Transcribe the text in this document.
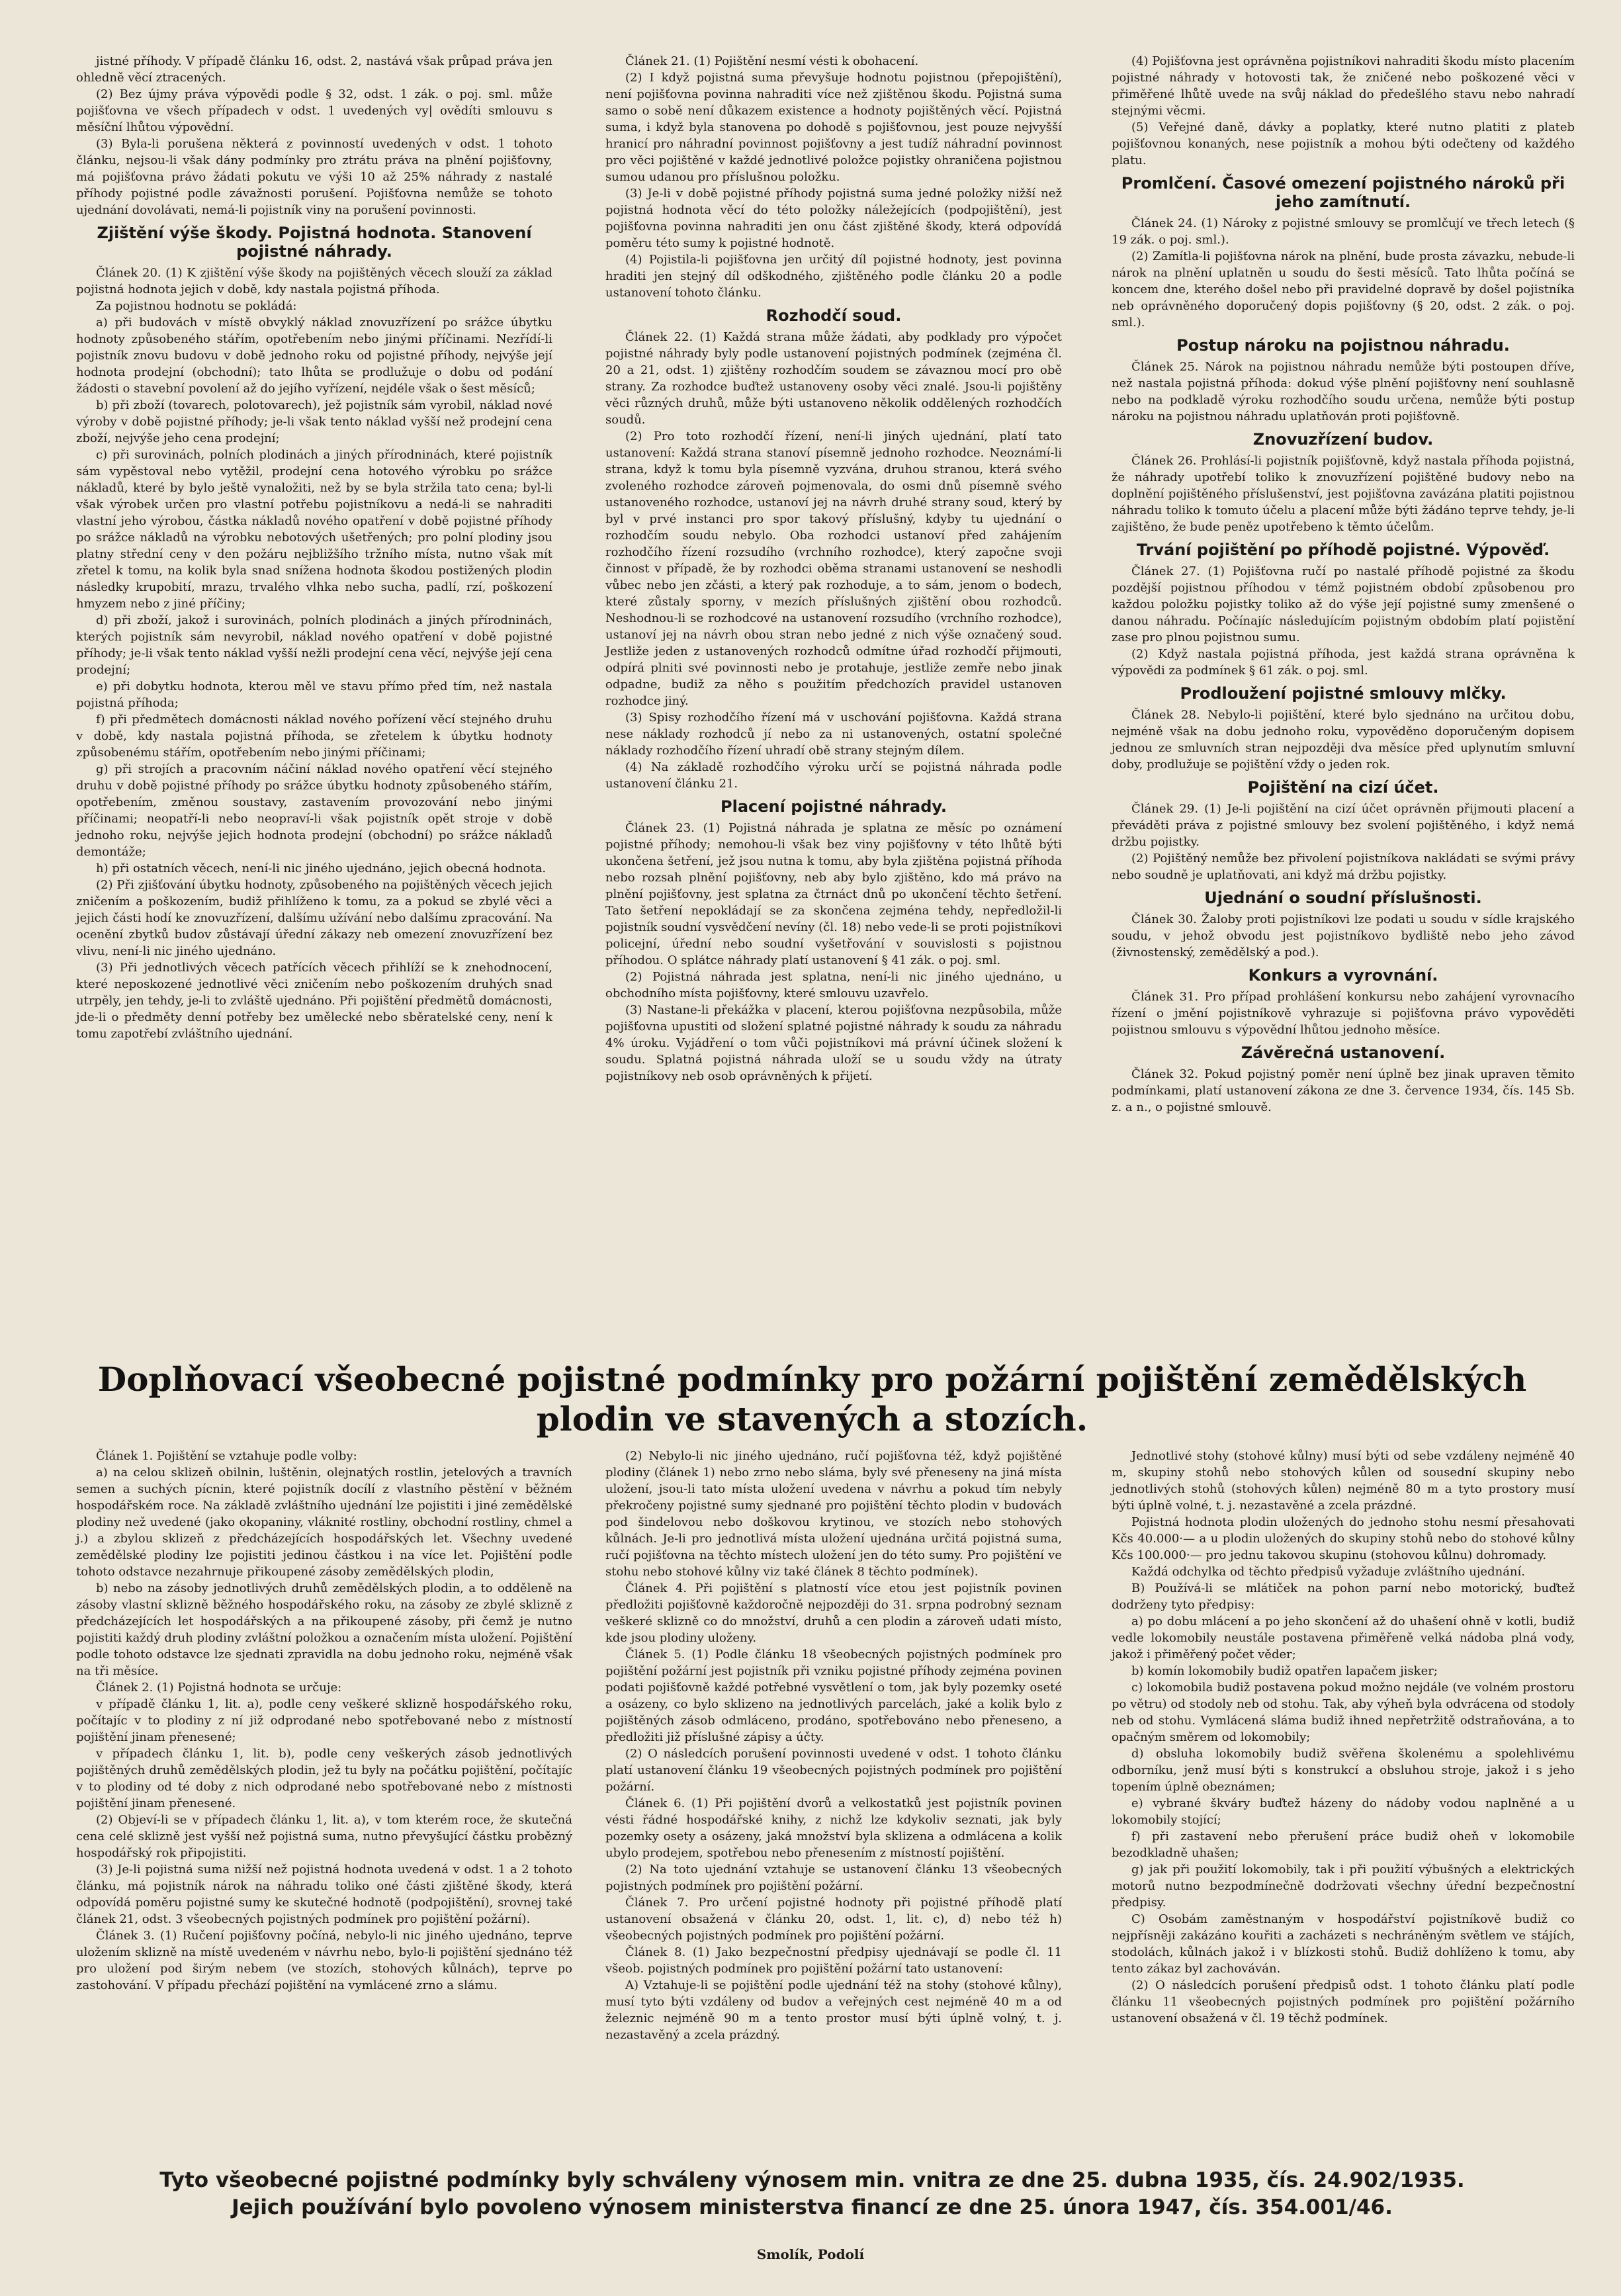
jistné příhody. V případě článku 16, odst. 2, nastává však průpad práva jen ohledně věcí ztracených.

(2) Bez újmy práva výpovědi podle § 32, odst. 1 zák. o poj. sml. může pojišťovna ve všech případech v odst. 1 uvedených vy| ovědíti smlouvu s měsíční lhůtou výpovědní.

(3) Byla-li porušena některá z povinností uvedených v odst. 1 tohoto článku, nejsou-li však dány podmínky pro ztrátu práva na plnění pojišťovny, má pojišťovna právo žádati pokutu ve výši 10 až 25% náhrady z nastalé příhody pojistné podle závažnosti porušení. Pojišťovna nemůže se tohoto ujednání dovolávati, nemá-li pojistník viny na porušení povinnosti.

Zjištění výše škody. Pojistná hodnota. Stanovení pojistné náhrady.

Článek 20. (1) K zjištění výše škody na pojištěných věcech slouží za základ pojistná hodnota jejich v době, kdy nastala pojistná příhoda.

Za pojistnou hodnotu se pokládá:

a) při budovách v místě obvyklý náklad znovuzřízení po srážce úbytku hodnoty způsobeného stářím, opotřebením nebo jinými příčinami. Nezřídí-li pojistník znovu budovu v době jednoho roku od pojistné příhody, nejvýše její hodnota prodejní (obchodní); tato lhůta se prodlužuje o dobu od podání žádosti o stavební povolení až do jejího vyřízení, nejdéle však o šest měsíců;

b) při zboží (tovarech, polotovarech), jež pojistník sám vyrobil, náklad nové výroby v době pojistné příhody; je-li však tento náklad vyšší než prodejní cena zboží, nejvýše jeho cena prodejní;

c) při surovinách, polních plodinách a jiných přírodninách, které pojistník sám vypěstoval nebo vytěžil, prodejní cena hotového výrobku po srážce nákladů, které by bylo ještě vynaložiti, než by se byla stržila tato cena; byl-li však výrobek určen pro vlastní potřebu pojistníkovu a nedá-li se nahraditi vlastní jeho výrobou, částka nákladů nového opatření v době pojistné příhody po srážce nákladů na výrobku nebotových ušetřených; pro polní plodiny jsou platny střední ceny v den požáru nejbližšího tržního místa, nutno však mít zřetel k tomu, na kolik byla snad snížena hodnota škodou postižených plodin následky krupobití, mrazu, trvalého vlhka nebo sucha, padlí, rzí, poškození hmyzem nebo z jiné příčiny;

d) při zboží, jakož i surovinách, polních plodinách a jiných přírodninách, kterých pojistník sám nevyrobil, náklad nového opatření v době pojistné příhody; je-li však tento náklad vyšší nežli prodejní cena věcí, nejvýše její cena prodejní;

e) při dobytku hodnota, kterou měl ve stavu přímo před tím, než nastala pojistná příhoda;

f) při předmětech domácnosti náklad nového pořízení věcí stejného druhu v době, kdy nastala pojistná příhoda, se zřetelem k úbytku hodnoty způsobenému stářím, opotřebením nebo jinými příčinami;

g) při strojích a pracovním náčiní náklad nového opatření věcí stejného druhu v době pojistné příhody po srážce úbytku hodnoty způsobeného stářím, opotřebením, změnou soustavy, zastavením provozování nebo jinými příčinami; neopatří-li nebo neopraví-li však pojistník opět stroje v době jednoho roku, nejvýše jejich hodnota prodejní (obchodní) po srážce nákladů demontáže;

h) při ostatních věcech, není-li nic jiného ujednáno, jejich obecná hodnota.

(2) Při zjišťování úbytku hodnoty, způsobeného na pojištěných věcech jejich zničením a poškozením, budiž přihlíženo k tomu, za a pokud se zbylé věci a jejich části hodí ke znovuzřízení, dalšímu užívání nebo dalšímu zpracování. Na ocenění zbytků budov zůstávají úřední zákazy neb omezení znovuzřízení bez vlivu, není-li nic jiného ujednáno.

(3) Při jednotlivých věcech patřících věcech přihlíží se k znehodnocení, které neposkozené jednotlivé věci zničením nebo poškozením druhých snad utrpěly, jen tehdy, je-li to zvláště ujednáno. Při pojištění předmětů domácnosti, jde-li o předměty denní potřeby bez umělecké nebo sběratelské ceny, není k tomu zapotřebí zvláštního ujednání.

Článek 21. (1) Pojištění nesmí vésti k obohacení.

(2) I když pojistná suma převyšuje hodnotu pojistnou (přepojištění), není pojišťovna povinna nahraditi více než zjištěnou škodu. Pojistná suma samo o sobě není důkazem existence a hodnoty pojištěných věcí. Pojistná suma, i když byla stanovena po dohodě s pojišťovnou, jest pouze nejvyšší hranicí pro náhradní povinnost pojišťovny a jest tudíž náhradní povinnost pro věci pojištěné v každé jednotlivé položce pojistky ohraničena pojistnou sumou udanou pro příslušnou položku.

(3) Je-li v době pojistné příhody pojistná suma jedné položky nižší než pojistná hodnota věcí do této položky náležejících (podpojištění), jest pojišťovna povinna nahraditi jen onu část zjištěné škody, která odpovídá poměru této sumy k pojistné hodnotě.

(4) Pojistila-li pojišťovna jen určitý díl pojistné hodnoty, jest povinna hraditi jen stejný díl odškodného, zjištěného podle článku 20 a podle ustanovení tohoto článku.

Rozhodčí soud.

Článek 22. (1) Každá strana může žádati, aby podklady pro výpočet pojistné náhrady byly podle ustanovení pojistných podmínek (zejména čl. 20 a 21, odst. 1) zjištěny rozhodčím soudem se závaznou mocí pro obě strany. Za rozhodce buďtež ustanoveny osoby věci znalé. Jsou-li pojištěny věci různých druhů, může býti ustanoveno několik oddělených rozhodčích soudů.

(2) Pro toto rozhodčí řízení, není-li jiných ujednání, platí tato ustanovení: Každá strana stanoví písemně jednoho rozhodce. Neoznámí-li strana, když k tomu byla písemně vyzvána, druhou stranou, která svého zvoleného rozhodce zároveň pojmenovala, do osmi dnů písemně svého ustanoveného rozhodce, ustanoví jej na návrh druhé strany soud, který by byl v prvé instanci pro spor takový příslušný, kdyby tu ujednání o rozhodčím soudu nebylo. Oba rozhodci ustanoví před zahájením rozhodčího řízení rozsudího (vrchního rozhodce), který započne svoji činnost v případě, že by rozhodci oběma stranami ustanovení se neshodli vůbec nebo jen zčásti, a který pak rozhoduje, a to sám, jenom o bodech, které zůstaly sporny, v mezích příslušných zjištění obou rozhodců. Neshodnou-li se rozhodcové na ustanovení rozsudího (vrchního rozhodce), ustanoví jej na návrh obou stran nebo jedné z nich výše označený soud. Jestliže jeden z ustanovených rozhodců odmítne úřad rozhodčí přijmouti, odpírá plniti své povinnosti nebo je protahuje, jestliže zemře nebo jinak odpadne, budiž za něho s použitím předchozích pravidel ustanoven rozhodce jiný.

(3) Spisy rozhodčího řízení má v uschování pojišťovna. Každá strana nese náklady rozhodců jí nebo za ni ustanovených, ostatní společné náklady rozhodčího řízení uhradí obě strany stejným dílem.

(4) Na základě rozhodčího výroku určí se pojistná náhrada podle ustanovení článku 21.

Placení pojistné náhrady.

Článek 23. (1) Pojistná náhrada je splatna ze měsíc po oznámení pojistné příhody; nemohou-li však bez viny pojišťovny v této lhůtě býti ukončena šetření, jež jsou nutna k tomu, aby byla zjištěna pojistná příhoda nebo rozsah plnění pojišťovny, neb aby bylo zjištěno, kdo má právo na plnění pojišťovny, jest splatna za čtrnáct dnů po ukončení těchto šetření. Tato šetření nepokládají se za skončena zejména tehdy, nepředložil-li pojistník soudní vysvědčení nevíny (čl. 18) nebo vede-li se proti pojistníkovi policejní, úřední nebo soudní vyšetřování v souvislosti s pojistnou příhodou. O splátce náhrady platí ustanovení § 41 zák. o poj. sml.

(2) Pojistná náhrada jest splatna, není-li nic jiného ujednáno, u obchodního místa pojišťovny, které smlouvu uzavřelo.

(3) Nastane-li překážka v placení, kterou pojišťovna nezpůsobila, může pojišťovna upustiti od složení splatné pojistné náhrady k soudu za náhradu 4% úroku. Vyjádření o tom vůči pojistníkovi má právní účinek složení k soudu. Splatná pojistná náhrada uloží se u soudu vždy na útraty pojistníkovy neb osob oprávněných k přijetí.

(4) Pojišťovna jest oprávněna pojistníkovi nahraditi škodu místo placením pojistné náhrady v hotovosti tak, že zničené nebo poškozené věci v přiměřené lhůtě uvede na svůj náklad do předešlého stavu nebo nahradí stejnými věcmi.

(5) Veřejné daně, dávky a poplatky, které nutno platiti z plateb pojišťovnou konaných, nese pojistník a mohou býti odečteny od každého platu.

Promlčení. Časové omezení pojistného nároků při jeho zamítnutí.

Článek 24. (1) Nároky z pojistné smlouvy se promlčují ve třech letech (§ 19 zák. o poj. sml.).

(2) Zamítla-li pojišťovna nárok na plnění, bude prosta závazku, nebude-li nárok na plnění uplatněn u soudu do šesti měsíců. Tato lhůta počíná se koncem dne, kterého došel nebo při pravidelné dopravě by došel pojistníka neb oprávněného doporučený dopis pojišťovny (§ 20, odst. 2 zák. o poj. sml.).

Postup nároku na pojistnou náhradu.

Článek 25. Nárok na pojistnou náhradu nemůže býti postoupen dříve, než nastala pojistná příhoda: dokud výše plnění pojišťovny není souhlasně nebo na podkladě výroku rozhodčího soudu určena, nemůže býti postup nároku na pojistnou náhradu uplatňován proti pojišťovně.

Znovuzřízení budov.

Článek 26. Prohlásí-li pojistník pojišťovně, když nastala příhoda pojistná, že náhrady upotřebí toliko k znovuzřízení pojištěné budovy nebo na doplnění pojištěného příslušenství, jest pojišťovna zavázána platiti pojistnou náhradu toliko k tomuto účelu a placení může býti žádáno teprve tehdy, je-li zajištěno, že bude peněz upotřebeno k těmto účelům.

Trvání pojištění po příhodě pojistné. Výpověď.

Článek 27. (1) Pojišťovna ručí po nastalé příhodě pojistné za škodu pozdější pojistnou příhodou v témž pojistném období způsobenou pro každou položku pojistky toliko až do výše její pojistné sumy zmenšené o danou náhradu. Počínajíc následujícím pojistným obdobím platí pojistění zase pro plnou pojistnou sumu.

(2) Když nastala pojistná příhoda, jest každá strana oprávněna k výpovědi za podmínek § 61 zák. o poj. sml.

Prodloužení pojistné smlouvy mlčky.

Článek 28. Nebylo-li pojištění, které bylo sjednáno na určitou dobu, nejméně však na dobu jednoho roku, vypověděno doporučeným dopisem jednou ze smluvních stran nejpozději dva měsíce před uplynutím smluvní doby, prodlužuje se pojištění vždy o jeden rok.

Pojištění na cizí účet.

Článek 29. (1) Je-li pojištění na cizí účet oprávněn přijmouti placení a převáděti práva z pojistné smlouvy bez svolení pojištěného, i když nemá držbu pojistky.

(2) Pojištěný nemůže bez přivolení pojistníkova nakládati se svými právy nebo soudně je uplatňovati, ani když má držbu pojistky.

Ujednání o soudní příslušnosti.

Článek 30. Žaloby proti pojistníkovi lze podati u soudu v sídle krajského soudu, v jehož obvodu jest pojistníkovo bydliště nebo jeho závod (živnostenský, zemědělský a pod.).

Konkurs a vyrovnání.

Článek 31. Pro případ prohlášení konkursu nebo zahájení vyrovnacího řízení o jmění pojistníkově vyhrazuje si pojišťovna právo vypověděti pojistnou smlouvu s výpovědní lhůtou jednoho měsíce.

Závěrečná ustanovení.

Článek 32. Pokud pojistný poměr není úplně bez jinak upraven těmito podmínkami, platí ustanovení zákona ze dne 3. července 1934, čís. 145 Sb. z. a n., o pojistné smlouvě.

Doplňovací všeobecné pojistné podmínky pro požární pojištění zemědělských plodin ve stavených a stozích.

Článek 1. Pojištění se vztahuje podle volby:

a) na celou sklizeň obilnin, luštěnin, olejnatých rostlin, jetelových a travních semen a suchých pícnin, které pojistník docílí z vlastního pěstění v běžném hospodářském roce. Na základě zvláštního ujednání lze pojistiti i jiné zemědělské plodiny než uvedené (jako okopaniny, vláknité rostliny, obchodní rostliny, chmel a j.) a zbylou sklizeň z předcházejících hospodářských let. Všechny uvedené zemědělské plodiny lze pojistiti jedinou částkou i na více let. Pojištění podle tohoto odstavce nezahrnuje přikoupené zásoby zemědělských plodin,

b) nebo na zásoby jednotlivých druhů zemědělských plodin, a to odděleně na zásoby vlastní sklizně běžného hospodářského roku, na zásoby ze zbylé sklizně z předcházejících let hospodářských a na přikoupené zásoby, při čemž je nutno pojistiti každý druh plodiny zvláštní položkou a označením místa uložení. Pojištění podle tohoto odstavce lze sjednati zpravidla na dobu jednoho roku, nejméně však na tři měsíce.

Článek 2. (1) Pojistná hodnota se určuje:

v případě článku 1, lit. a), podle ceny veškeré sklizně hospodářského roku, počítajíc v to plodiny z ní již odprodané nebo spotřebované nebo z místností pojištění jinam přenesené;

v případech článku 1, lit. b), podle ceny veškerých zásob jednotlivých pojištěných druhů zemědělských plodin, jež tu byly na počátku pojištění, počítajíc v to plodiny od té doby z nich odprodané nebo spotřebované nebo z místnosti pojištění jinam přenesené.

(2) Objeví-li se v případech článku 1, lit. a), v tom kterém roce, že skutečná cena celé sklizně jest vyšší než pojistná suma, nutno převyšující částku probězný hospodářský rok připojistiti.

(3) Je-li pojistná suma nižší než pojistná hodnota uvedená v odst. 1 a 2 tohoto článku, má pojistník nárok na náhradu toliko oné části zjištěné škody, která odpovídá poměru pojistné sumy ke skutečné hodnotě (podpojištění), srovnej také článek 21, odst. 3 všeobecných pojistných podmínek pro pojištění požární).

Článek 3. (1) Ručení pojišťovny počíná, nebylo-li nic jiného ujednáno, teprve uložením sklizně na místě uvedeném v návrhu nebo, bylo-li pojištění sjednáno též pro uložení pod širým nebem (ve stozích, stohových kůlnách), teprve po zastohování. V případu přechází pojištění na vymlácené zrno a slámu.

(2) Nebylo-li nic jiného ujednáno, ručí pojišťovna též, když pojištěné plodiny (článek 1) nebo zrno nebo sláma, byly své přeneseny na jiná místa uložení, jsou-li tato místa uložení uvedena v návrhu a pokud tím nebyly překročeny pojistné sumy sjednané pro pojištění těchto plodin v budovách pod šindelovou nebo doškovou krytinou, ve stozích nebo stohových kůlnách. Je-li pro jednotlivá místa uložení ujednána určitá pojistná suma, ručí pojišťovna na těchto místech uložení jen do této sumy. Pro pojištění ve stohu nebo stohové kůlny viz také článek 8 těchto podmínek).

Článek 4. Při pojištění s platností více etou jest pojistník povinen předložiti pojišťovně každoročně nejpozději do 31. srpna podrobný seznam veškeré sklizně co do množství, druhů a cen plodin a zároveň udati místo, kde jsou plodiny uloženy.

Článek 5. (1) Podle článku 18 všeobecných pojistných podmínek pro pojištění požární jest pojistník při vzniku pojistné příhody zejména povinen podati pojišťovně každé potřebné vysvětlení o tom, jak byly pozemky oseté a osázeny, co bylo sklizeno na jednotlivých parcelách, jaké a kolik bylo z pojištěných zásob odmláceno, prodáno, spotřebováno nebo přeneseno, a předložiti již příslušné zápisy a účty.

(2) O následcích porušení povinnosti uvedené v odst. 1 tohoto článku platí ustanovení článku 19 všeobecných pojistných podmínek pro pojištění požární.

Článek 6. (1) Při pojištění dvorů a velkostatků jest pojistník povinen vésti řádné hospodářské knihy, z nichž lze kdykoliv seznati, jak byly pozemky osety a osázeny, jaká množství byla sklizena a odmlácena a kolik ubylo prodejem, spotřebou nebo přenesením z místností pojištění.

(2) Na toto ujednání vztahuje se ustanovení článku 13 všeobecných pojistných podmínek pro pojištění požární.

Článek 7. Pro určení pojistné hodnoty při pojistné příhodě platí ustanovení obsažená v článku 20, odst. 1, lit. c), d) nebo též h) všeobecných pojistných podmínek pro pojištění požární.

Článek 8. (1) Jako bezpečnostní předpisy ujednávají se podle čl. 11 všeob. pojistných podmínek pro pojištění požární tato ustanovení:

A) Vztahuje-li se pojištění podle ujednání též na stohy (stohové kůlny), musí tyto býti vzdáleny od budov a veřejných cest nejméně 40 m a od železnic nejméně 90 m a tento prostor musí býti úplně volný, t. j. nezastavěný a zcela prázdný.

Jednotlivé stohy (stohové kůlny) musí býti od sebe vzdáleny nejméně 40 m, skupiny stohů nebo stohových kůlen od sousední skupiny nebo jednotlivých stohů (stohových kůlen) nejméně 80 m a tyto prostory musí býti úplně volné, t. j. nezastavěné a zcela prázdné.

Pojistná hodnota plodin uložených do jednoho stohu nesmí přesahovati Kčs 40.000·— a u plodin uložených do skupiny stohů nebo do stohové kůlny Kčs 100.000·— pro jednu takovou skupinu (stohovou kůlnu) dohromady.

Každá odchylka od těchto předpisů vyžaduje zvláštního ujednání.

B) Používá-li se mlátiček na pohon parní nebo motorický, buďtež dodrženy tyto předpisy:

a) po dobu mlácení a po jeho skončení až do uhašení ohně v kotli, budiž vedle lokomobily neustále postavena přiměřeně velká nádoba plná vody, jakož i přiměřený počet věder;

b) komín lokomobily budiž opatřen lapačem jisker;

c) lokomobila budiž postavena pokud možno nejdále (ve volném prostoru po větru) od stodoly neb od stohu. Tak, aby výheň byla odvrácena od stodoly neb od stohu. Vymlácená sláma budiž ihned nepřetržitě odstraňována, a to opačným směrem od lokomobily;

d) obsluha lokomobily budiž svěřena školenému a spolehlivému odborníku, jenž musí býti s konstrukcí a obsluhou stroje, jakož i s jeho topením úplně obeznámen;

e) vybrané škváry buďtež házeny do nádoby vodou naplněné a u lokomobily stojící;

f) při zastavení nebo přerušení práce budiž oheň v lokomobile bezodkladně uhašen;

g) jak při použití lokomobily, tak i při použití výbušných a elektrických motorů nutno bezpodmínečně dodržovati všechny úřední bezpečnostní předpisy.

C) Osobám zaměstnaným v hospodářství pojistníkově budiž co nejpřísněji zakázáno kouřiti a zacházeti s nechráněným světlem ve stájích, stodolách, kůlnách jakož i v blízkosti stohů. Budiž dohlíženo k tomu, aby tento zákaz byl zachováván.

(2) O následcích porušení předpisů odst. 1 tohoto článku platí podle článku 11 všeobecných pojistných podmínek pro pojištění požárního ustanovení obsažená v čl. 19 těchž podmínek.

Tyto všeobecné pojistné podmínky byly schváleny výnosem min. vnitra ze dne 25. dubna 1935, čís. 24.902/1935.
Jejich používání bylo povoleno výnosem ministerstva financí ze dne 25. února 1947, čís. 354.001/46.
Smolík, Podolí
